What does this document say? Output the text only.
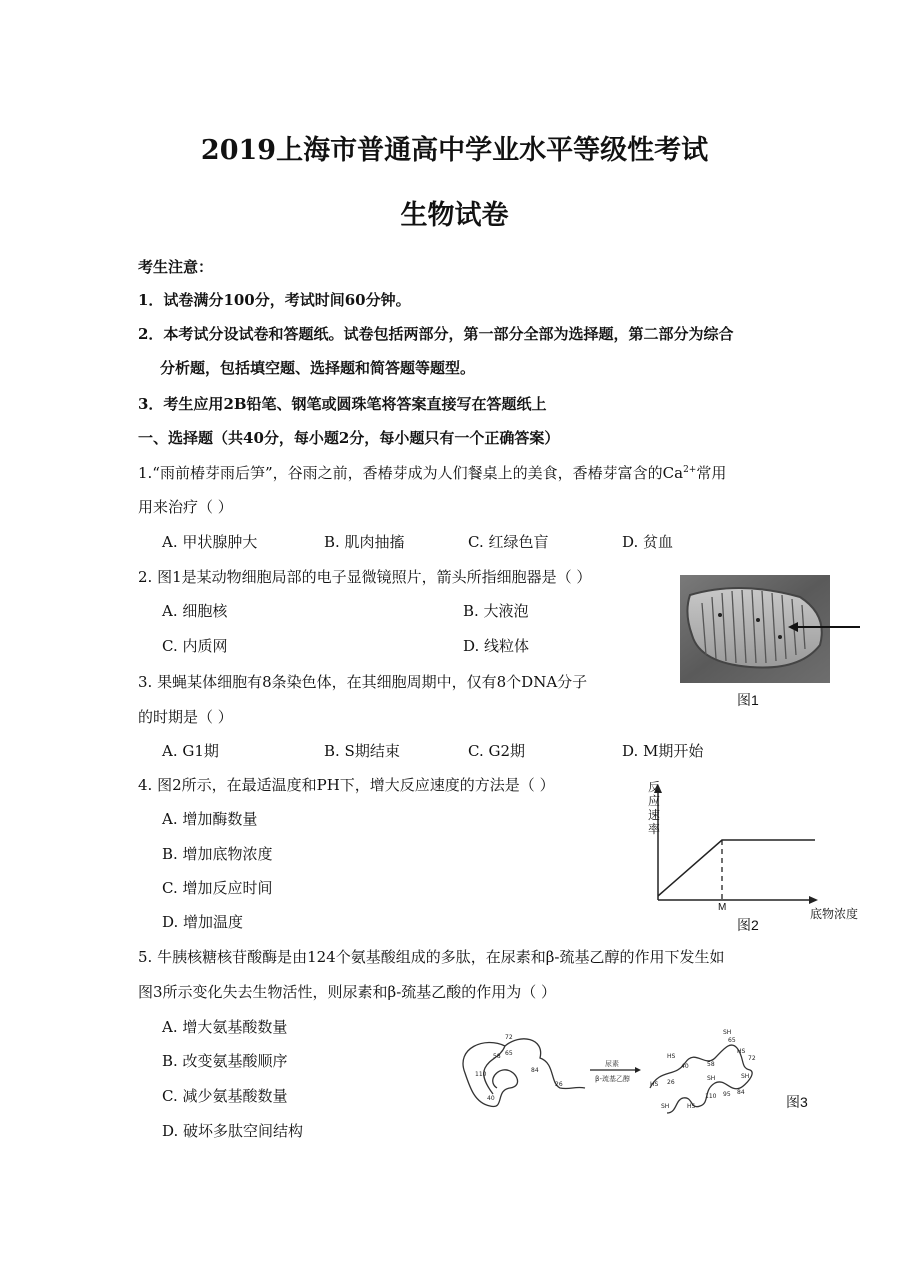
2019上海市普通高中学业水平等级性考试
生物试卷
考生注意：
1．试卷满分100分，考试时间60分钟。
2．本考试分设试卷和答题纸。试卷包括两部分，第一部分全部为选择题，第二部分为综合
分析题，包括填空题、选择题和简答题等题型。
3．考生应用2B铅笔、钢笔或圆珠笔将答案直接写在答题纸上
一、选择题（共40分，每小题2分，每小题只有一个正确答案）
1.“雨前椿芽雨后笋”，谷雨之前，香椿芽成为人们餐桌上的美食，香椿芽富含的$Ca^{2+}$常用
用来治疗（ ）
A. 甲状腺肿大	B. 肌肉抽搐	C. 红绿色盲	D. 贫血
2. 图1是某动物细胞局部的电子显微镜照片，箭头所指细胞器是（ ）
A. 细胞核	B. 大液泡
C. 内质网	D. 线粒体
图1
3. 果蝇某体细胞有8条染色体，在其细胞周期中，仅有8个DNA分子
的时期是（ ）
A. G1期	B. S期结束	C. G2期	D. M期开始
4. 图2所示，在最适温度和PH下，增大反应速度的方法是（ ）
A. 增加酶数量
B. 增加底物浓度
C. 增加反应时间
D. 增加温度
反
应
速
率
M	底物浓度
图2
5. 牛胰核糖核苷酸酶是由124个氨基酸组成的多肽，在尿素和β-巯基乙醇的作用下发生如
图3所示变化失去生物活性，则尿素和β-巯基乙酸的作用为（ ）
A. 增大氨基酸数量
B. 改变氨基酸顺序
C. 减少氨基酸数量
D. 破坏多肽空间结构
72
65
58
110
84
26
40
尿素
β-巯基乙醇
SH
65
HS
72
HS
40	58
SH
SH
HS 26
84
HS
110 95
SH	图3
